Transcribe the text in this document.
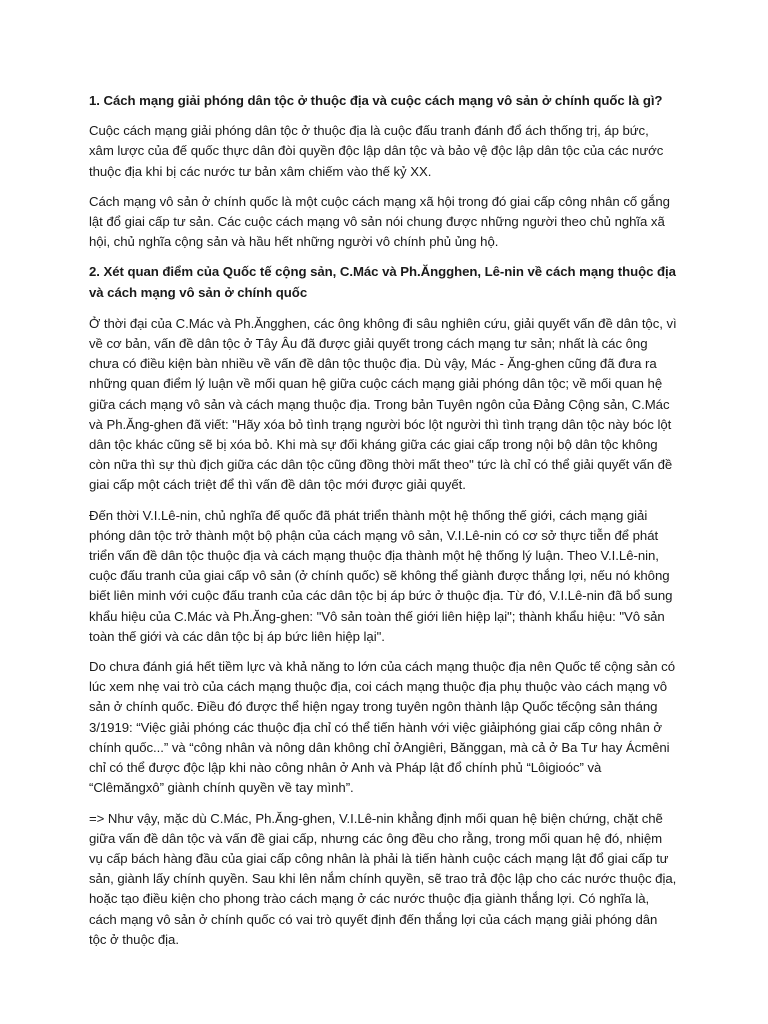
1. Cách mạng giải phóng dân tộc ở thuộc địa và cuộc cách mạng vô sản ở chính quốc là gì?
Cuộc cách mạng giải phóng dân tộc ở thuộc địa là cuộc đấu tranh đánh đổ ách thống trị, áp bức, xâm lược của đế quốc thực dân đòi quyền độc lập dân tộc và bảo vệ độc lập dân tộc của các nước thuộc địa khi bị các nước tư bản xâm chiếm vào thế kỷ XX.
Cách mạng vô sản ở chính quốc là một cuộc cách mạng xã hội trong đó giai cấp công nhân cố gắng lật đổ giai cấp tư sản. Các cuộc cách mạng vô sản nói chung được những người theo chủ nghĩa xã hội, chủ nghĩa cộng sản và hầu hết những người vô chính phủ ủng hộ.
2. Xét quan điểm của Quốc tế cộng sản, C.Mác và Ph.Ăngghen, Lê-nin về cách mạng thuộc địa và cách mạng vô sản ở chính quốc
Ở thời đại của C.Mác và Ph.Ăngghen, các ông không đi sâu nghiên cứu, giải quyết vấn đề dân tộc, vì về cơ bản, vấn đề dân tộc ở Tây Âu đã được giải quyết trong cách mạng tư sản; nhất là các ông chưa có điều kiện bàn nhiều về vấn đề dân tộc thuộc địa. Dù vậy, Mác - Ăng-ghen cũng đã đưa ra những quan điểm lý luận về mối quan hệ giữa cuộc cách mạng giải phóng dân tộc; về mối quan hệ giữa cách mạng vô sản và cách mạng thuộc địa. Trong bản Tuyên ngôn của Đảng Cộng sản, C.Mác và Ph.Ăng-ghen đã viết: "Hãy xóa bỏ tình trạng người bóc lột người thì tình trạng dân tộc này bóc lột dân tộc khác cũng sẽ bị xóa bỏ. Khi mà sự đối kháng giữa các giai cấp trong nội bộ dân tộc không còn nữa thì sự thù địch giữa các dân tộc cũng đồng thời mất theo" tức là chỉ có thể giải quyết vấn đề giai cấp một cách triệt để thì vấn đề dân tộc mới được giải quyết.
Đến thời V.I.Lê-nin, chủ nghĩa đế quốc đã phát triển thành một hệ thống thế giới, cách mạng giải phóng dân tộc trở thành một bộ phận của cách mạng vô sản, V.I.Lê-nin có cơ sở thực tiễn để phát triển vấn đề dân tộc thuộc địa và cách mạng thuộc địa thành một hệ thống lý luận. Theo V.I.Lê-nin, cuộc đấu tranh của giai cấp vô sản (ở chính quốc) sẽ không thể giành được thắng lợi, nếu nó không biết liên minh với cuộc đấu tranh của các dân tộc bị áp bức ở thuộc địa. Từ đó, V.I.Lê-nin đã bổ sung khẩu hiệu của C.Mác và Ph.Ăng-ghen: "Vô sản toàn thế giới liên hiệp lại"; thành khẩu hiệu: "Vô sản toàn thế giới và các dân tộc bị áp bức liên hiệp lại".
Do chưa đánh giá hết tiềm lực và khả năng to lớn của cách mạng thuộc địa nên Quốc tế cộng sản có lúc xem nhẹ vai trò của cách mạng thuộc địa, coi cách mạng thuộc địa phụ thuộc vào cách mạng vô sản ở chính quốc. Điều đó được thể hiện ngay trong tuyên ngôn thành lập Quốc tếcộng sản tháng 3/1919: “Việc giải phóng các thuộc địa chỉ có thể tiến hành với việc giảiphóng giai cấp công nhân ở chính quốc...” và “công nhân và nông dân không chỉ ởAngiêri, Bănggan, mà cả ở Ba Tư hay Ácmêni chỉ có thể được độc lập khi nào công nhân ở Anh và Pháp lật đổ chính phủ “Lôigioóc” và “Clêmăngxô” giành chính quyền về tay mình”.
=> Như vậy, mặc dù C.Mác, Ph.Ăng-ghen, V.I.Lê-nin khẳng định mối quan hệ biện chứng, chặt chẽ giữa vấn đề dân tộc và vấn đề giai cấp, nhưng các ông đều cho rằng, trong mối quan hệ đó, nhiệm vụ cấp bách hàng đầu của giai cấp công nhân là phải là tiến hành cuộc cách mạng lật đổ giai cấp tư sản, giành lấy chính quyền. Sau khi lên nắm chính quyền, sẽ trao trả độc lập cho các nước thuộc địa, hoặc tạo điều kiện cho phong trào cách mạng ở các nước thuộc địa giành thắng lợi. Có nghĩa là, cách mạng vô sản ở chính quốc có vai trò quyết định đến thắng lợi của cách mạng giải phóng dân tộc ở thuộc địa.
